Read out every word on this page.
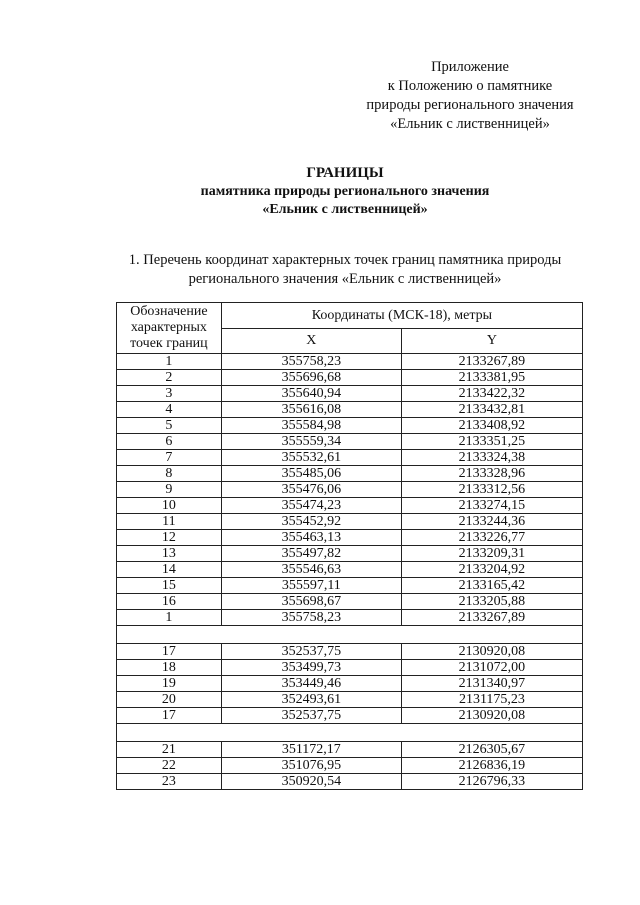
Приложение
к Положению о памятнике
природы регионального значения
«Ельник с лиственницей»
ГРАНИЦЫ
памятника природы регионального значения
«Ельник с лиственницей»
1. Перечень координат характерных точек границ памятника природы
регионального значения «Ельник с лиственницей»
Обозначение характерных точек границ	Координаты (МСК-18), метры	
	X	Y
1	355758,23	2133267,89
2	355696,68	2133381,95
3	355640,94	2133422,32
4	355616,08	2133432,81
5	355584,98	2133408,92
6	355559,34	2133351,25
7	355532,61	2133324,38
8	355485,06	2133328,96
9	355476,06	2133312,56
10	355474,23	2133274,15
11	355452,92	2133244,36
12	355463,13	2133226,77
13	355497,82	2133209,31
14	355546,63	2133204,92
15	355597,11	2133165,42
16	355698,67	2133205,88
1	355758,23	2133267,89

17	352537,75	2130920,08
18	353499,73	2131072,00
19	353449,46	2131340,97
20	352493,61	2131175,23
17	352537,75	2130920,08

21	351172,17	2126305,67
22	351076,95	2126836,19
23	350920,54	2126796,33
